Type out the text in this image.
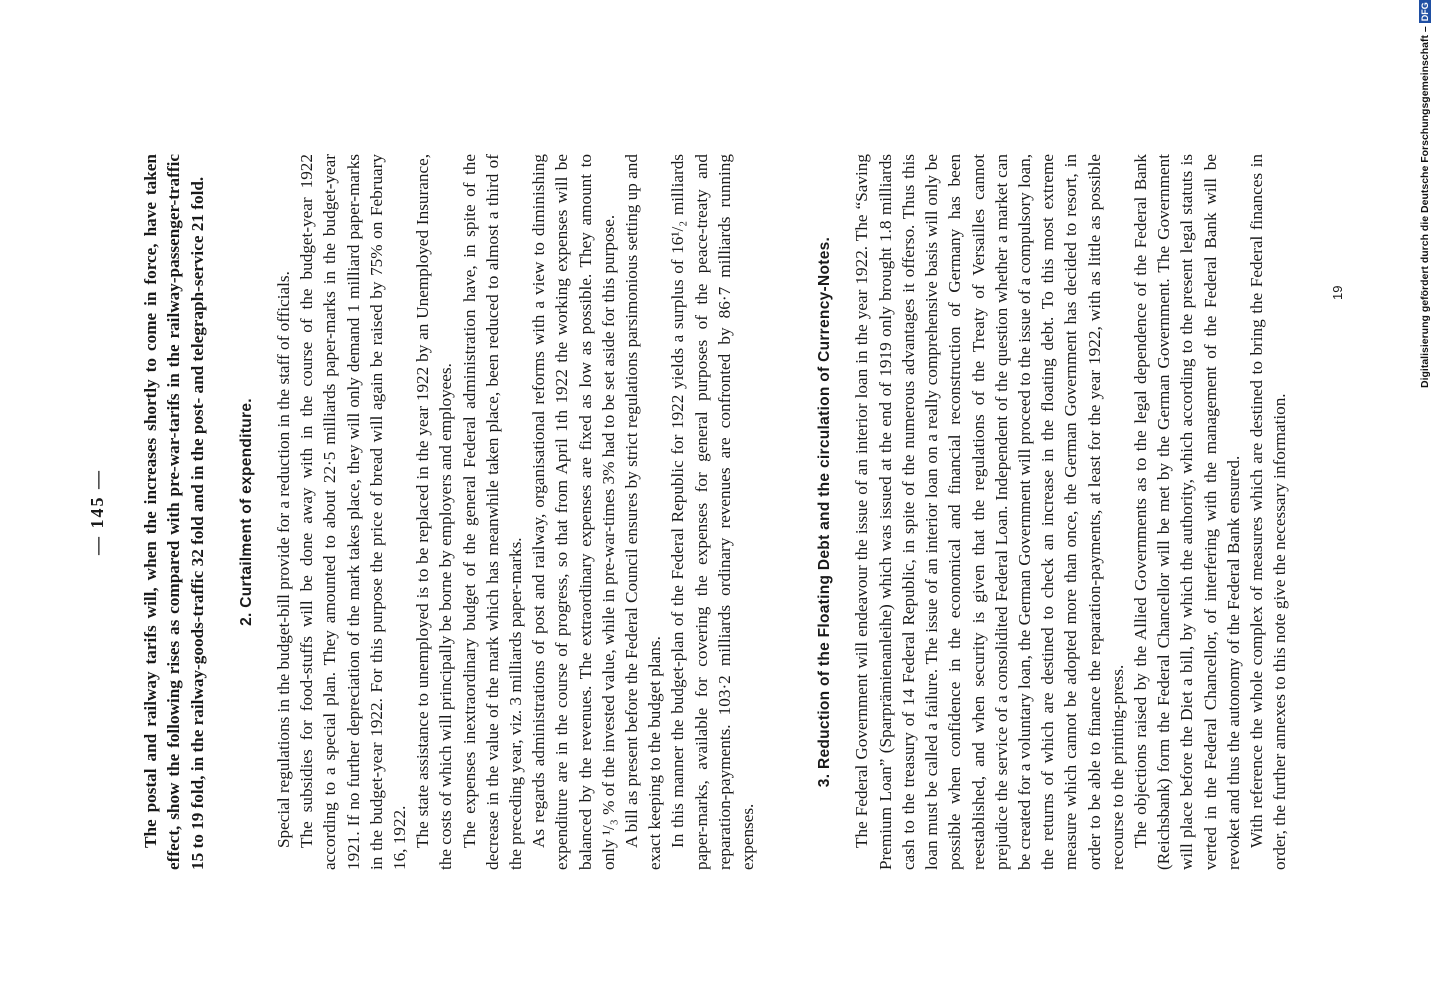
— 145 — The postal and railway tarifs will, when the increases shortly to come in force, have taken effect, show the following rises as compared with pre-war-tarifs in the railway-passenger-traffic 15 to 19 fold, in the railway-goods-traffic 32 fold and in the post- and telegraph-service 21 fold. 2. Curtailment of expenditure. Special regulations in the budget-bill provide for a reduction in the staff of officials. The subsidies for food-stuffs will be done away with in the course of the budget-year 1922 according to a special plan. They amounted to about 22·5 milliards paper-marks in the budget-year 1921. If no further depreciation of the mark takes place, they will only demand 1 milliard paper-marks in the budget-year 1922. For this purpose the price of bread will again be raised by 75% on February 16, 1922. The state assistance to unemployed is to be replaced in the year 1922 by an Unemployed Insurance, the costs of which will principally be borne by employers and employees. The expenses inextraordinary budget of the general Federal administration have, in spite of the decrease in the value of the mark which has meanwhile taken place, been reduced to almost a third of the preceding year, viz. 3 milliards paper-marks. As regards administrations of post and railway, organisational reforms with a view to diminishing expenditure are in the course of progress, so that from April 1th 1922 the working expenses will be balanced by the revenues. The extraordinary expenses are fixed as low as possible. They amount to only ¹/₃ % of the invested value, while in pre-war-times 3% had to be set aside for this purpose. A bill as present before the Federal Council ensures by strict regulations parsimonious setting up and exact keeping to the budget plans. In this manner the budget-plan of the Federal Republic for 1922 yields a surplus of 16¹/₂ milliards paper-marks, available for covering the expenses for general purposes of the peace-treaty and reparation-payments. 103·2 milliards ordinary revenues are confronted by 86·7 milliards running expenses.

3. Reduction of the Floating Debt and the circulation of Currency-Notes. The Federal Government will endeavour the issue of an interior loan in the year 1922. The “Saving Premium Loan” (Sparprämienanleihe) which was issued at the end of 1919 only brought 1.8 milliards cash to the treasury of 14 Federal Republic, in spite of the numerous advantages it offerso. Thus this loan must be called a failure. The issue of an interior loan on a really comprehensive basis will only be possible when confidence in the economical and financial reconstruction of Germany has been reestablished, and when security is given that the regulations of the Treaty of Versailles cannot prejudice the service of a consolidited Federal Loan. Independent of the question whether a market can be created for a voluntary loan, the German Government will proceed to the issue of a compulsory loan, the returns of which are destined to check an increase in the floating debt. To this most extreme measure which cannot be adopted more than once, the German Government has decided to resort, in order to be able to finance the reparation-payments, at least for the year 1922, with as little as possible recourse to the printing-press. The objections raised by the Allied Governments as to the legal dependence of the Federal Bank (Reichsbank) form the Federal Chancellor will be met by the German Government. The Government will place before the Diet a bill, by which the authority, which according to the present legal statuts is verted in the Federal Chancellor, of interfering with the management of the Federal Bank will be revoket and thus the autonomy of the Federal Bank ensured. With reference the whole complex of measures which are destined to bring the Federal finances in order, the further annexes to this note give the necessary information.

19	Digitalisierung gefördert durch die Deutsche Forschungsgemeinschaft –
DFG
